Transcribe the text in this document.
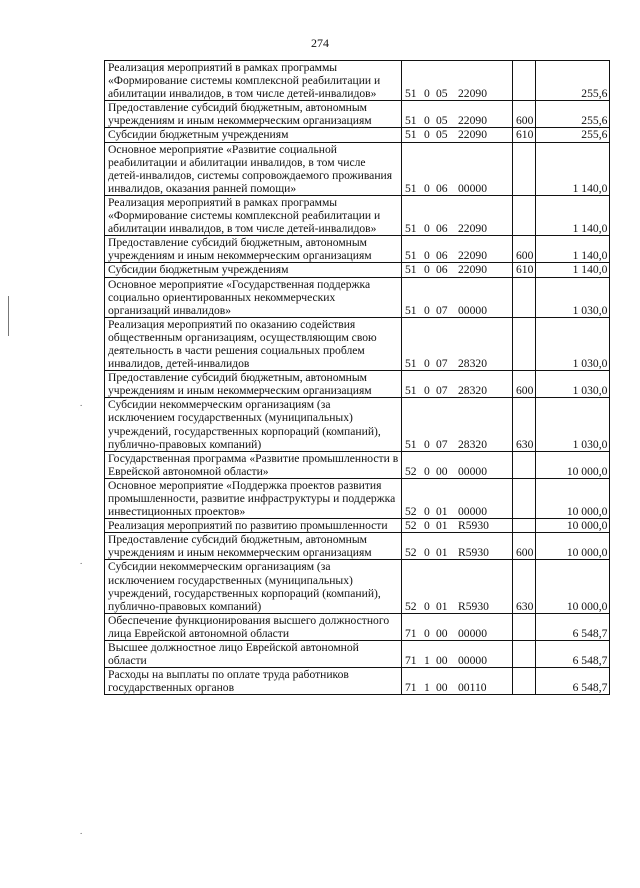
274
.
.
.
Реализация мероприятий в рамках программы «Формирование системы комплексной реабилитации и абилитации инвалидов, в том числе детей-инвалидов»	51 0 05 22090		255,6
Предоставление субсидий бюджетным, автономным учреждениям и иным некоммерческим организациям	51 0 05 22090	600	255,6
Субсидии бюджетным учреждениям	51 0 05 22090	610	255,6
Основное мероприятие «Развитие социальной реабилитации и абилитации инвалидов, в том числе детей-инвалидов, системы сопровождаемого проживания инвалидов, оказания ранней помощи»	51 0 06 00000		1 140,0
Реализация мероприятий в рамках программы «Формирование системы комплексной реабилитации и абилитации инвалидов, в том числе детей-инвалидов»	51 0 06 22090		1 140,0
Предоставление субсидий бюджетным, автономным учреждениям и иным некоммерческим организациям	51 0 06 22090	600	1 140,0
Субсидии бюджетным учреждениям	51 0 06 22090	610	1 140,0
Основное мероприятие «Государственная поддержка социально ориентированных некоммерческих организаций инвалидов»	51 0 07 00000		1 030,0
Реализация мероприятий по оказанию содействия общественным организациям, осуществляющим свою деятельность в части решения социальных проблем инвалидов, детей-инвалидов	51 0 07 28320		1 030,0
Предоставление субсидий бюджетным, автономным учреждениям и иным некоммерческим организациям	51 0 07 28320	600	1 030,0
Субсидии некоммерческим организациям (за исключением государственных (муниципальных) учреждений, государственных корпораций (компаний), публично-правовых компаний)	51 0 07 28320	630	1 030,0
Государственная программа «Развитие промышленности в Еврейской автономной области»	52 0 00 00000		10 000,0
Основное мероприятие «Поддержка проектов развития промышленности, развитие инфраструктуры и поддержка инвестиционных проектов»	52 0 01 00000		10 000,0
Реализация мероприятий по развитию промышленности	52 0 01 R5930		10 000,0
Предоставление субсидий бюджетным, автономным учреждениям и иным некоммерческим организациям	52 0 01 R5930	600	10 000,0
Субсидии некоммерческим организациям (за исключением государственных (муниципальных) учреждений, государственных корпораций (компаний), публично-правовых компаний)	52 0 01 R5930	630	10 000,0
Обеспечение функционирования высшего должностного лица Еврейской автономной области	71 0 00 00000		6 548,7
Высшее должностное лицо Еврейской автономной области	71 1 00 00000		6 548,7
Расходы на выплаты по оплате труда работников государственных органов	71 1 00 00110		6 548,7
